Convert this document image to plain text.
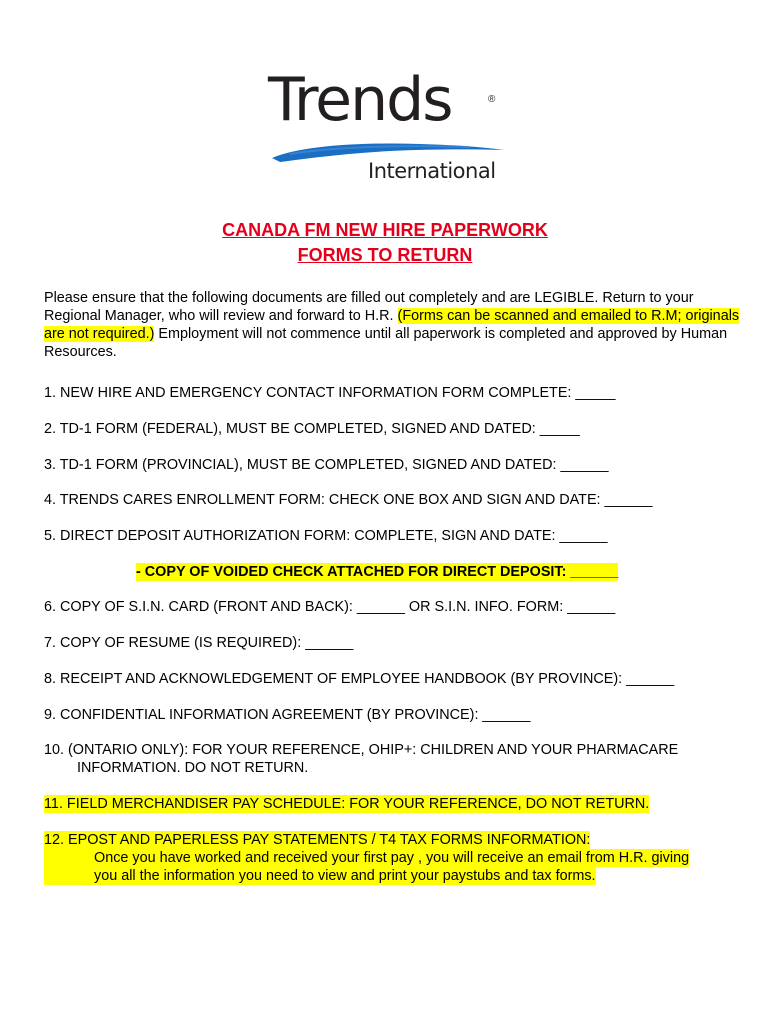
Trends	®
International
CANADA FM NEW HIRE PAPERWORK
FORMS TO RETURN
Please ensure that the following documents are filled out completely and are LEGIBLE. Return to your Regional Manager, who will review and forward to H.R. (Forms can be scanned and emailed to R.M; originals are not required.) Employment will not commence until all paperwork is completed and approved by Human Resources.
1. NEW HIRE AND EMERGENCY CONTACT INFORMATION FORM COMPLETE: _____
2. TD-1 FORM (FEDERAL), MUST BE COMPLETED, SIGNED AND DATED: _____
3. TD-1 FORM (PROVINCIAL), MUST BE COMPLETED, SIGNED AND DATED: ______
4. TRENDS CARES ENROLLMENT FORM: CHECK ONE BOX AND SIGN AND DATE: ______
5. DIRECT DEPOSIT AUTHORIZATION FORM: COMPLETE, SIGN AND DATE: ______
- COPY OF VOIDED CHECK ATTACHED FOR DIRECT DEPOSIT: ______
6. COPY OF S.I.N. CARD (FRONT AND BACK): ______ OR S.I.N. INFO. FORM: ______
7. COPY OF RESUME (IS REQUIRED): ______
8. RECEIPT AND ACKNOWLEDGEMENT OF EMPLOYEE HANDBOOK (BY PROVINCE): ______
9. CONFIDENTIAL INFORMATION AGREEMENT (BY PROVINCE): ______
10. (ONTARIO ONLY): FOR YOUR REFERENCE, OHIP+: CHILDREN AND YOUR PHARMACARE
INFORMATION. DO NOT RETURN.
11. FIELD MERCHANDISER PAY SCHEDULE: FOR YOUR REFERENCE, DO NOT RETURN.
12. EPOST AND PAPERLESS PAY STATEMENTS / T4 TAX FORMS INFORMATION:
Once you have worked and received your first pay , you will receive an email from H.R. giving
you all the information you need to view and print your paystubs and tax forms.
